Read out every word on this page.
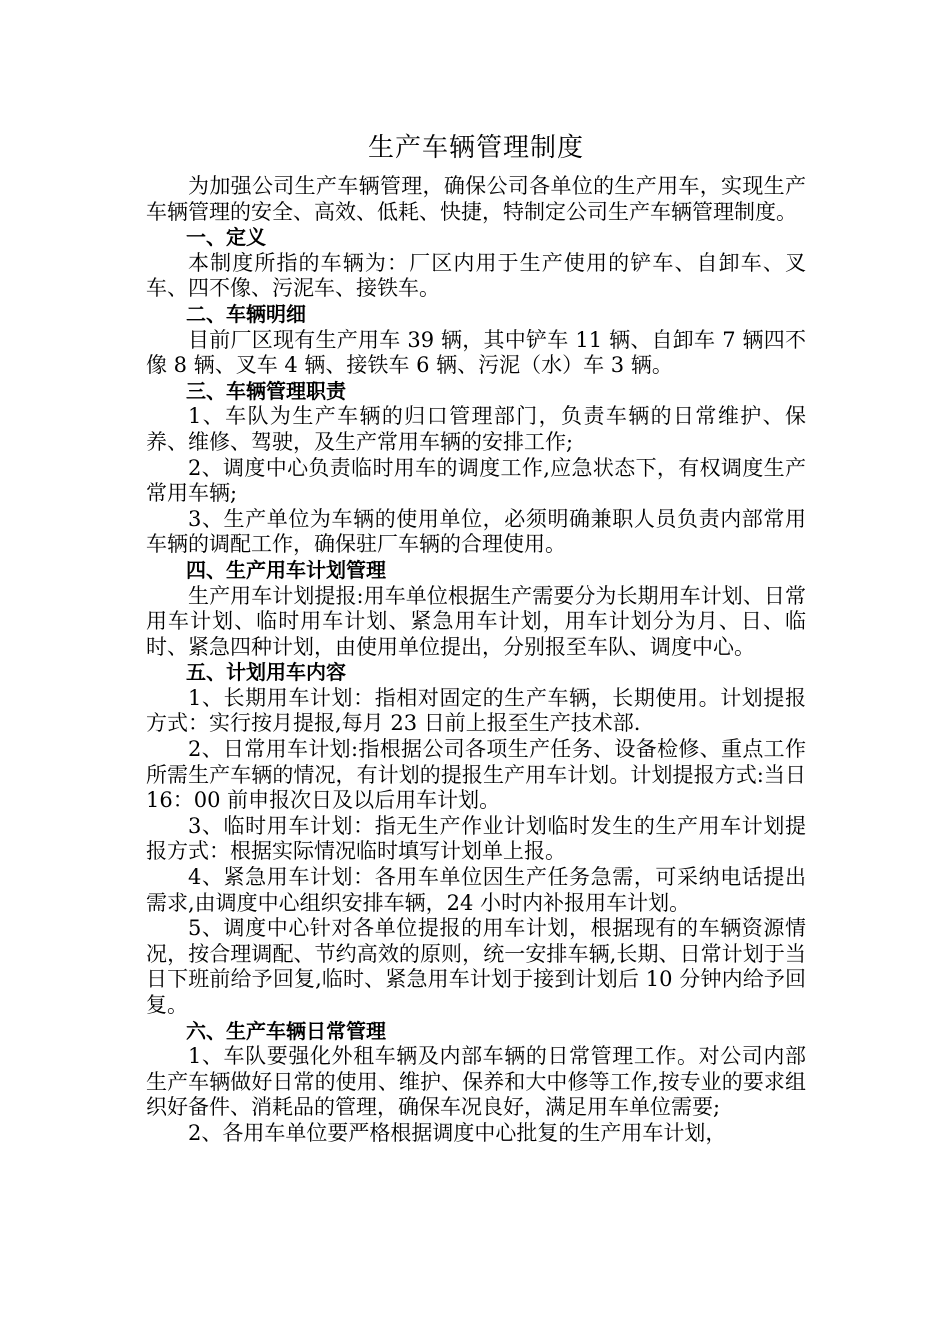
生产车辆管理制度

为加强公司生产车辆管理，确保公司各单位的生产用车，实现生产车辆管理的安全、高效、低耗、快捷，特制定公司生产车辆管理制度。

一、定义

本制度所指的车辆为：厂区内用于生产使用的铲车、自卸车、叉车、四不像、污泥车、接铁车。

二、车辆明细

目前厂区现有生产用车 39 辆，其中铲车 11 辆、自卸车 7 辆四不像 8 辆、叉车 4 辆、接铁车 6 辆、污泥（水）车 3 辆。

三、车辆管理职责

1、车队为生产车辆的归口管理部门，负责车辆的日常维护、保养、维修、驾驶，及生产常用车辆的安排工作;

2、调度中心负责临时用车的调度工作,应急状态下，有权调度生产常用车辆;

3、生产单位为车辆的使用单位，必须明确兼职人员负责内部常用车辆的调配工作，确保驻厂车辆的合理使用。

四、生产用车计划管理

生产用车计划提报:用车单位根据生产需要分为长期用车计划、日常用车计划、临时用车计划、紧急用车计划，用车计划分为月、日、临时、紧急四种计划，由使用单位提出，分别报至车队、调度中心。

五、计划用车内容

1、长期用车计划：指相对固定的生产车辆，长期使用。计划提报方式：实行按月提报,每月 23 日前上报至生产技术部.

2、日常用车计划:指根据公司各项生产任务、设备检修、重点工作所需生产车辆的情况，有计划的提报生产用车计划。计划提报方式:当日 16：00 前申报次日及以后用车计划。

3、临时用车计划：指无生产作业计划临时发生的生产用车计划提报方式：根据实际情况临时填写计划单上报。

4、紧急用车计划：各用车单位因生产任务急需，可采纳电话提出需求,由调度中心组织安排车辆，24 小时内补报用车计划。

5、调度中心针对各单位提报的用车计划，根据现有的车辆资源情况，按合理调配、节约高效的原则，统一安排车辆,长期、日常计划于当日下班前给予回复,临时、紧急用车计划于接到计划后 10 分钟内给予回复。

六、生产车辆日常管理

1、车队要强化外租车辆及内部车辆的日常管理工作。对公司内部生产车辆做好日常的使用、维护、保养和大中修等工作,按专业的要求组织好备件、消耗品的管理，确保车况良好，满足用车单位需要;

2、各用车单位要严格根据调度中心批复的生产用车计划，
